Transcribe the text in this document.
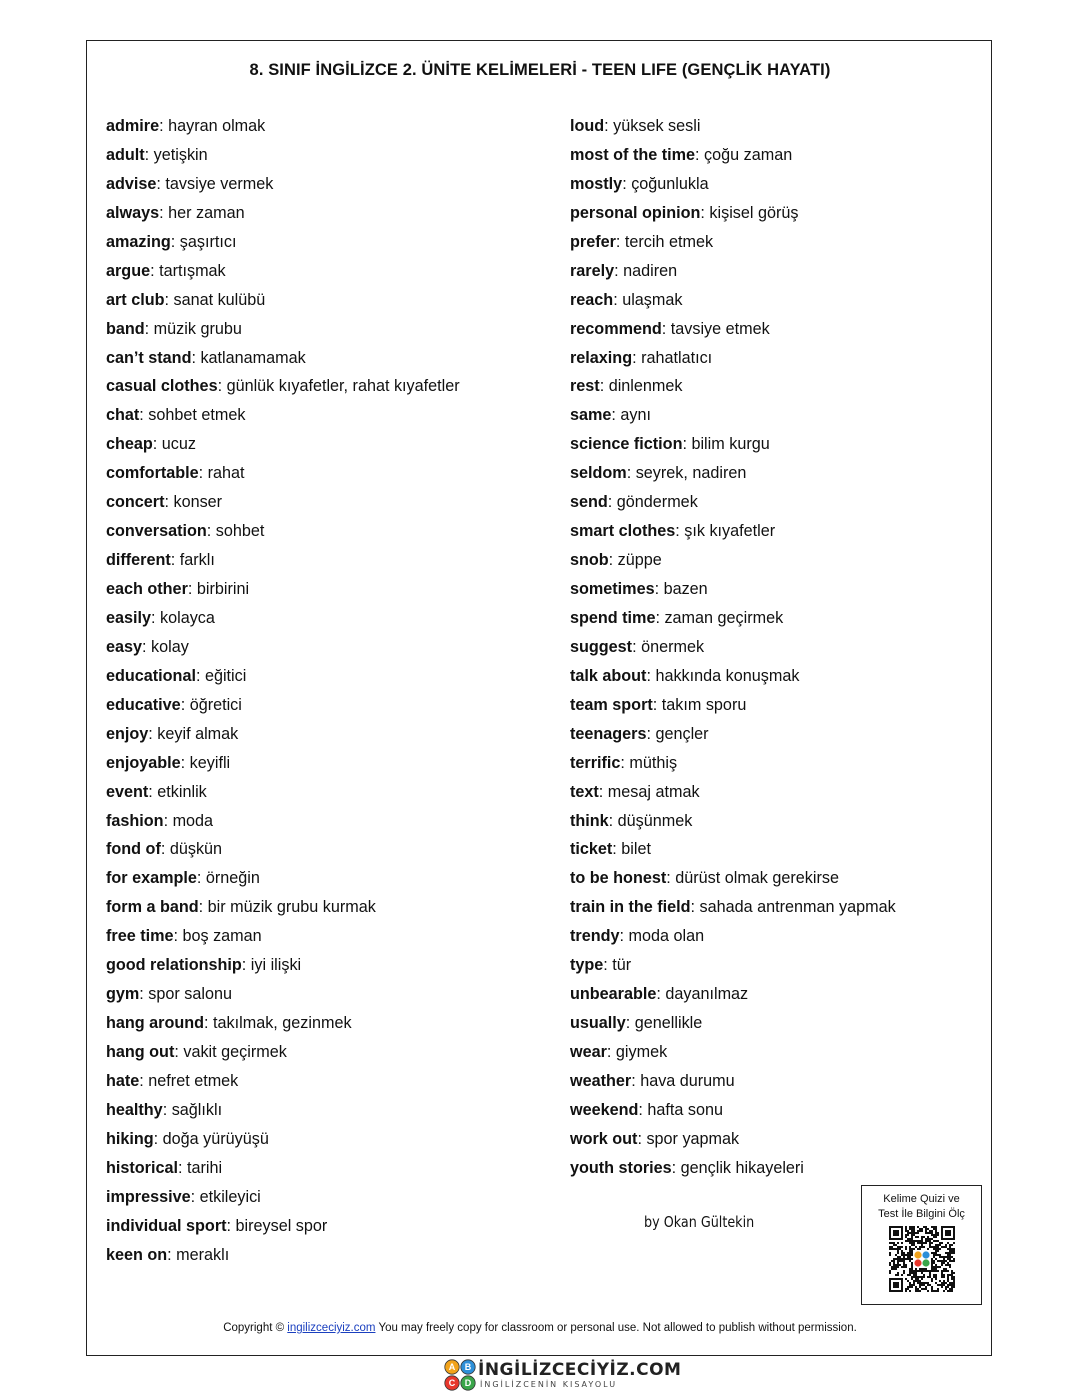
8. SINIF İNGİLİZCE 2. ÜNİTE KELİMELERİ - TEEN LIFE (GENÇLİK HAYATI)
admire: hayran olmak
adult: yetişkin
advise: tavsiye vermek
always: her zaman
amazing: şaşırtıcı
argue: tartışmak
art club: sanat kulübü
band: müzik grubu
can’t stand: katlanamamak
casual clothes: günlük kıyafetler, rahat kıyafetler
chat: sohbet etmek
cheap: ucuz
comfortable: rahat
concert: konser
conversation: sohbet
different: farklı
each other: birbirini
easily: kolayca
easy: kolay
educational: eğitici
educative: öğretici
enjoy: keyif almak
enjoyable: keyifli
event: etkinlik
fashion: moda
fond of: düşkün
for example: örneğin
form a band: bir müzik grubu kurmak
free time: boş zaman
good relationship: iyi ilişki
gym: spor salonu
hang around: takılmak, gezinmek
hang out: vakit geçirmek
hate: nefret etmek
healthy: sağlıklı
hiking: doğa yürüyüşü
historical: tarihi
impressive: etkileyici
individual sport: bireysel spor
keen on: meraklı
loud: yüksek sesli
most of the time: çoğu zaman
mostly: çoğunlukla
personal opinion: kişisel görüş
prefer: tercih etmek
rarely: nadiren
reach: ulaşmak
recommend: tavsiye etmek
relaxing: rahatlatıcı
rest: dinlenmek
same: aynı
science fiction: bilim kurgu
seldom: seyrek, nadiren
send: göndermek
smart clothes: şık kıyafetler
snob: züppe
sometimes: bazen
spend time: zaman geçirmek
suggest: önermek
talk about: hakkında konuşmak
team sport: takım sporu
teenagers: gençler
terrific: müthiş
text: mesaj atmak
think: düşünmek
ticket: bilet
to be honest: dürüst olmak gerekirse
train in the field: sahada antrenman yapmak
trendy: moda olan
type: tür
unbearable: dayanılmaz
usually: genellikle
wear: giymek
weather: hava durumu
weekend: hafta sonu
work out: spor yapmak
youth stories: gençlik hikayeleri
by Okan Gültekin
Kelime Quizi ve
Test İle Bilgini Ölç
Copyright © ingilizceciyiz.com You may freely copy for classroom or personal use. Not allowed to publish without permission.
A B
C D
İNGİLİZCECİYİZ.COM
İNGİLİZCENİN KISAYOLU
